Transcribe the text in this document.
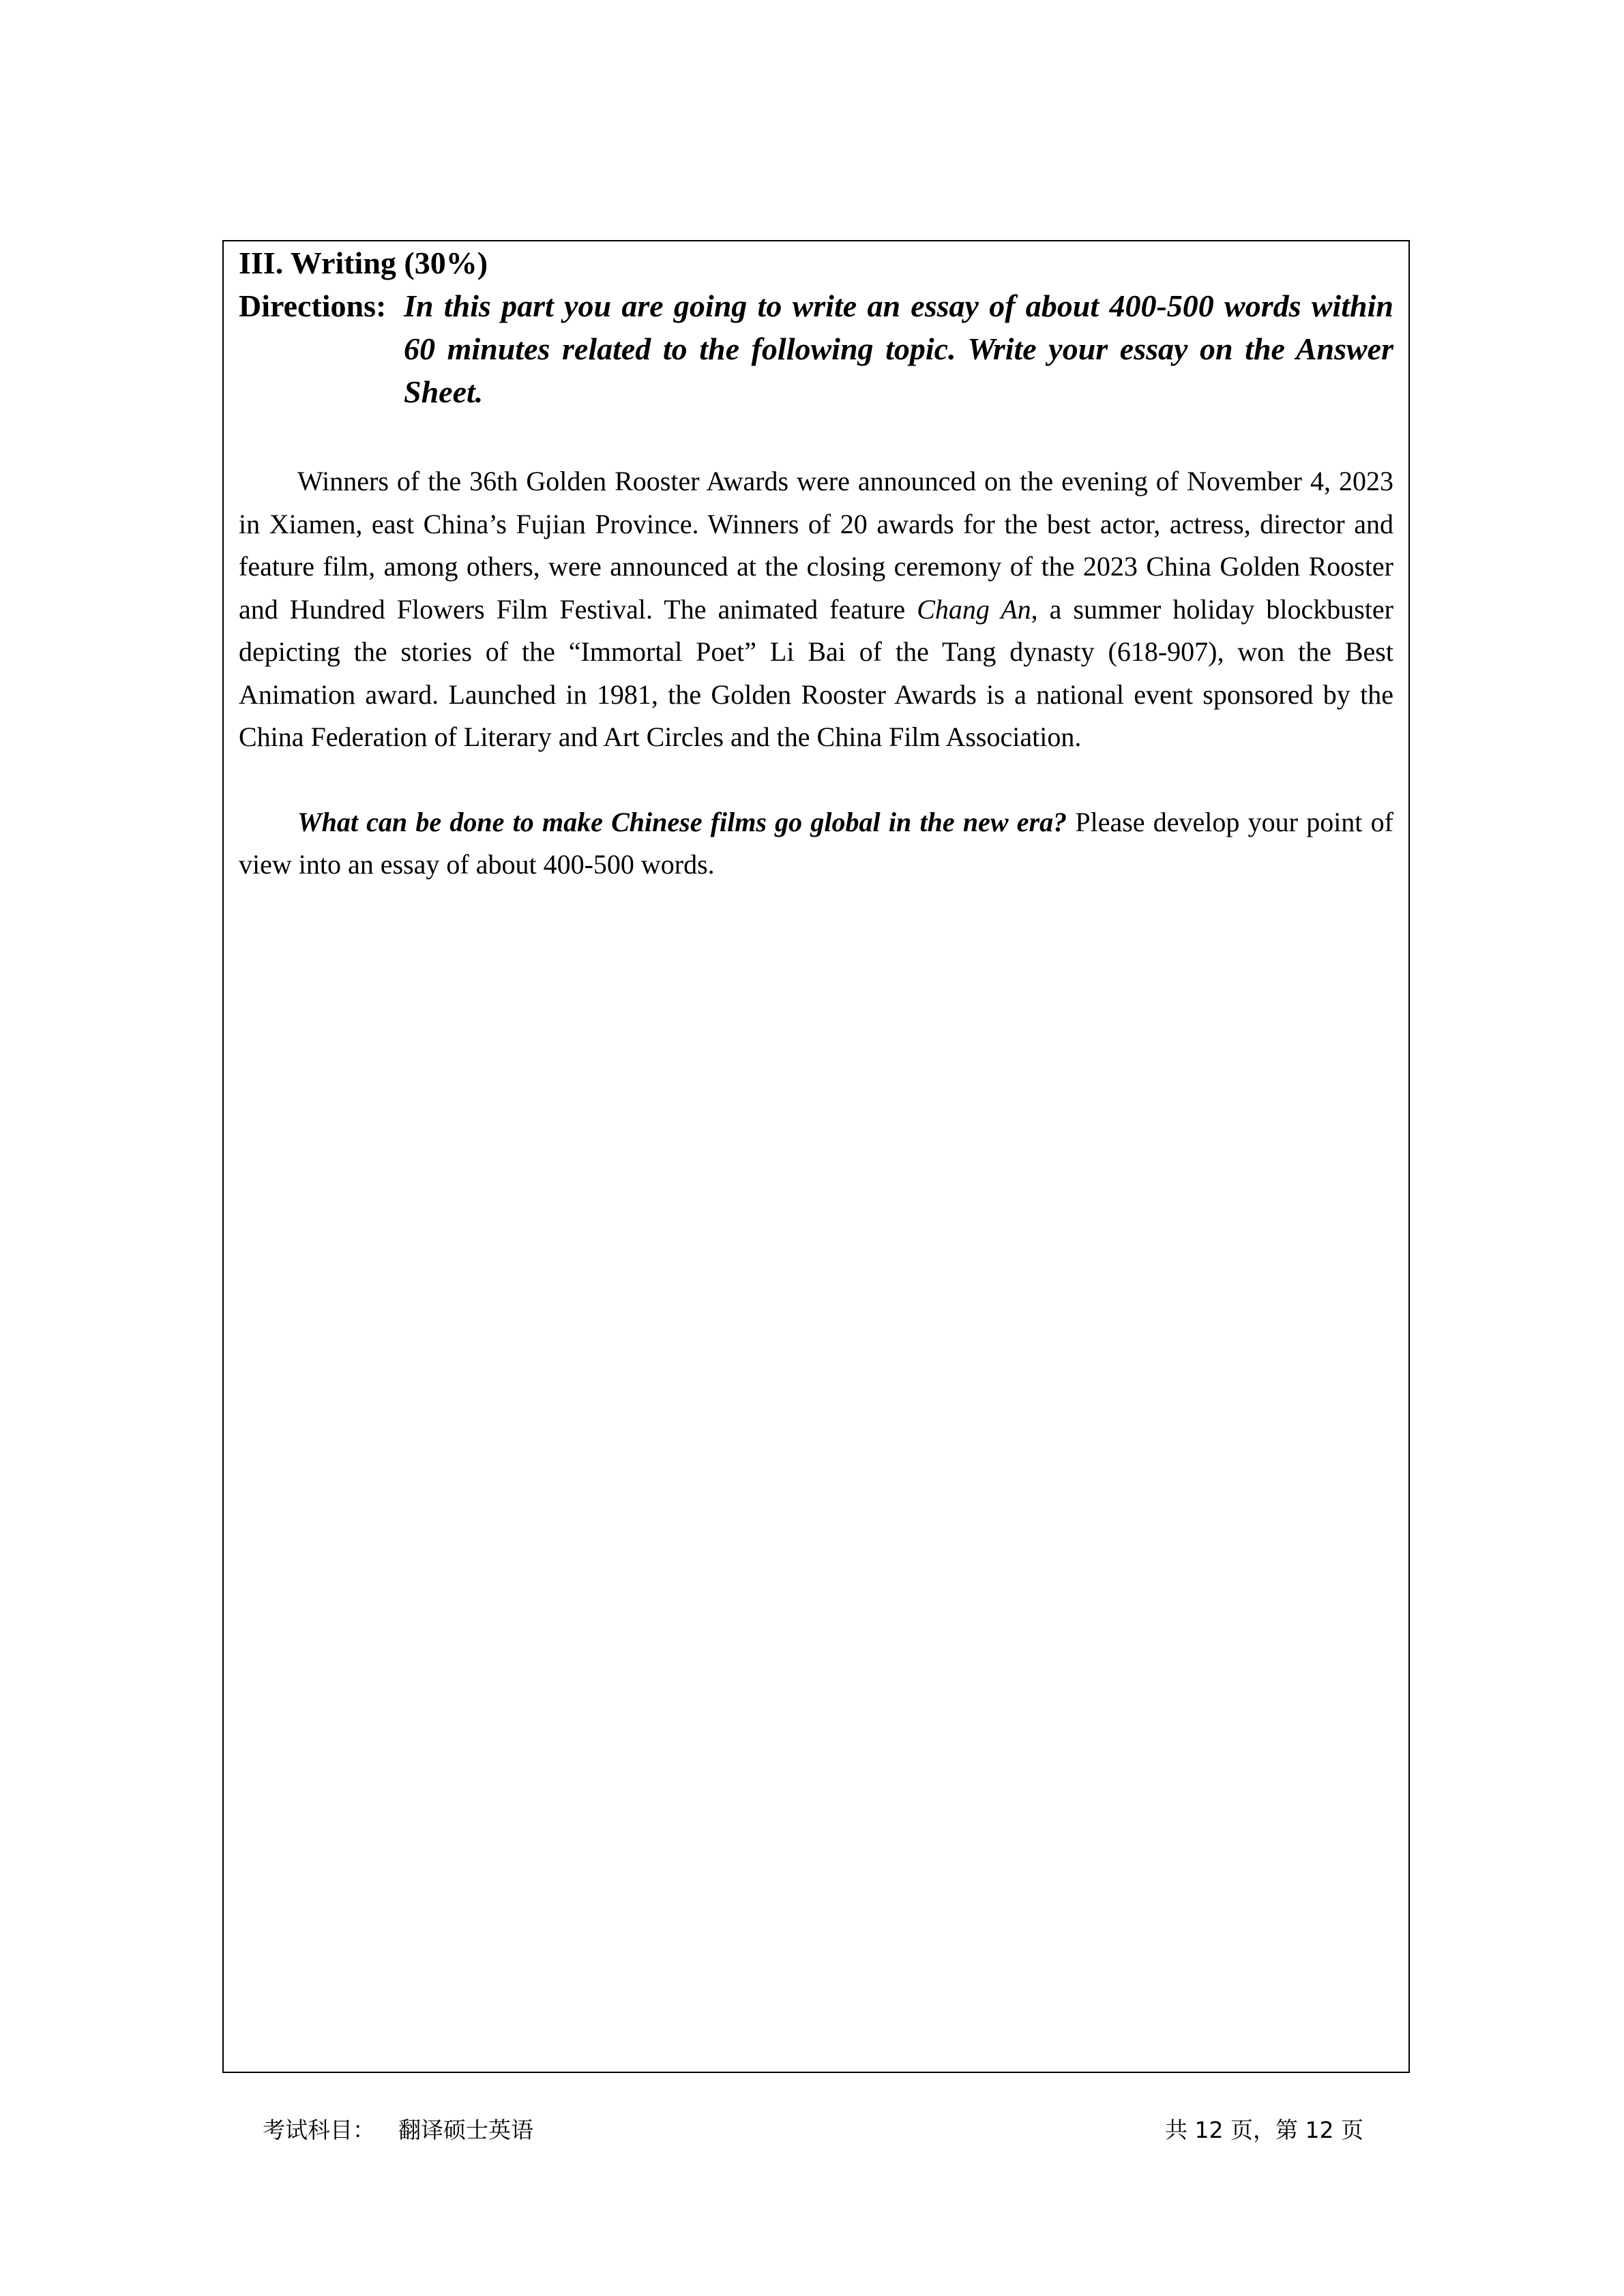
III. Writing (30%)

Directions: In this part you are going to write an essay of about 400-500 words within 60 minutes related to the following topic. Write your essay on the Answer Sheet.

Winners of the 36th Golden Rooster Awards were announced on the evening of November 4, 2023 in Xiamen, east China’s Fujian Province. Winners of 20 awards for the best actor, actress, director and feature film, among others, were announced at the closing ceremony of the 2023 China Golden Rooster and Hundred Flowers Film Festival. The animated feature Chang An, a summer holiday blockbuster depicting the stories of the “Immortal Poet” Li Bai of the Tang dynasty (618-907), won the Best Animation award. Launched in 1981, the Golden Rooster Awards is a national event sponsored by the China Federation of Literary and Art Circles and the China Film Association.

What can be done to make Chinese films go global in the new era? Please develop your point of view into an essay of about 400-500 words.

考试科目： 翻译硕士英语	共 12 页，第 12 页
